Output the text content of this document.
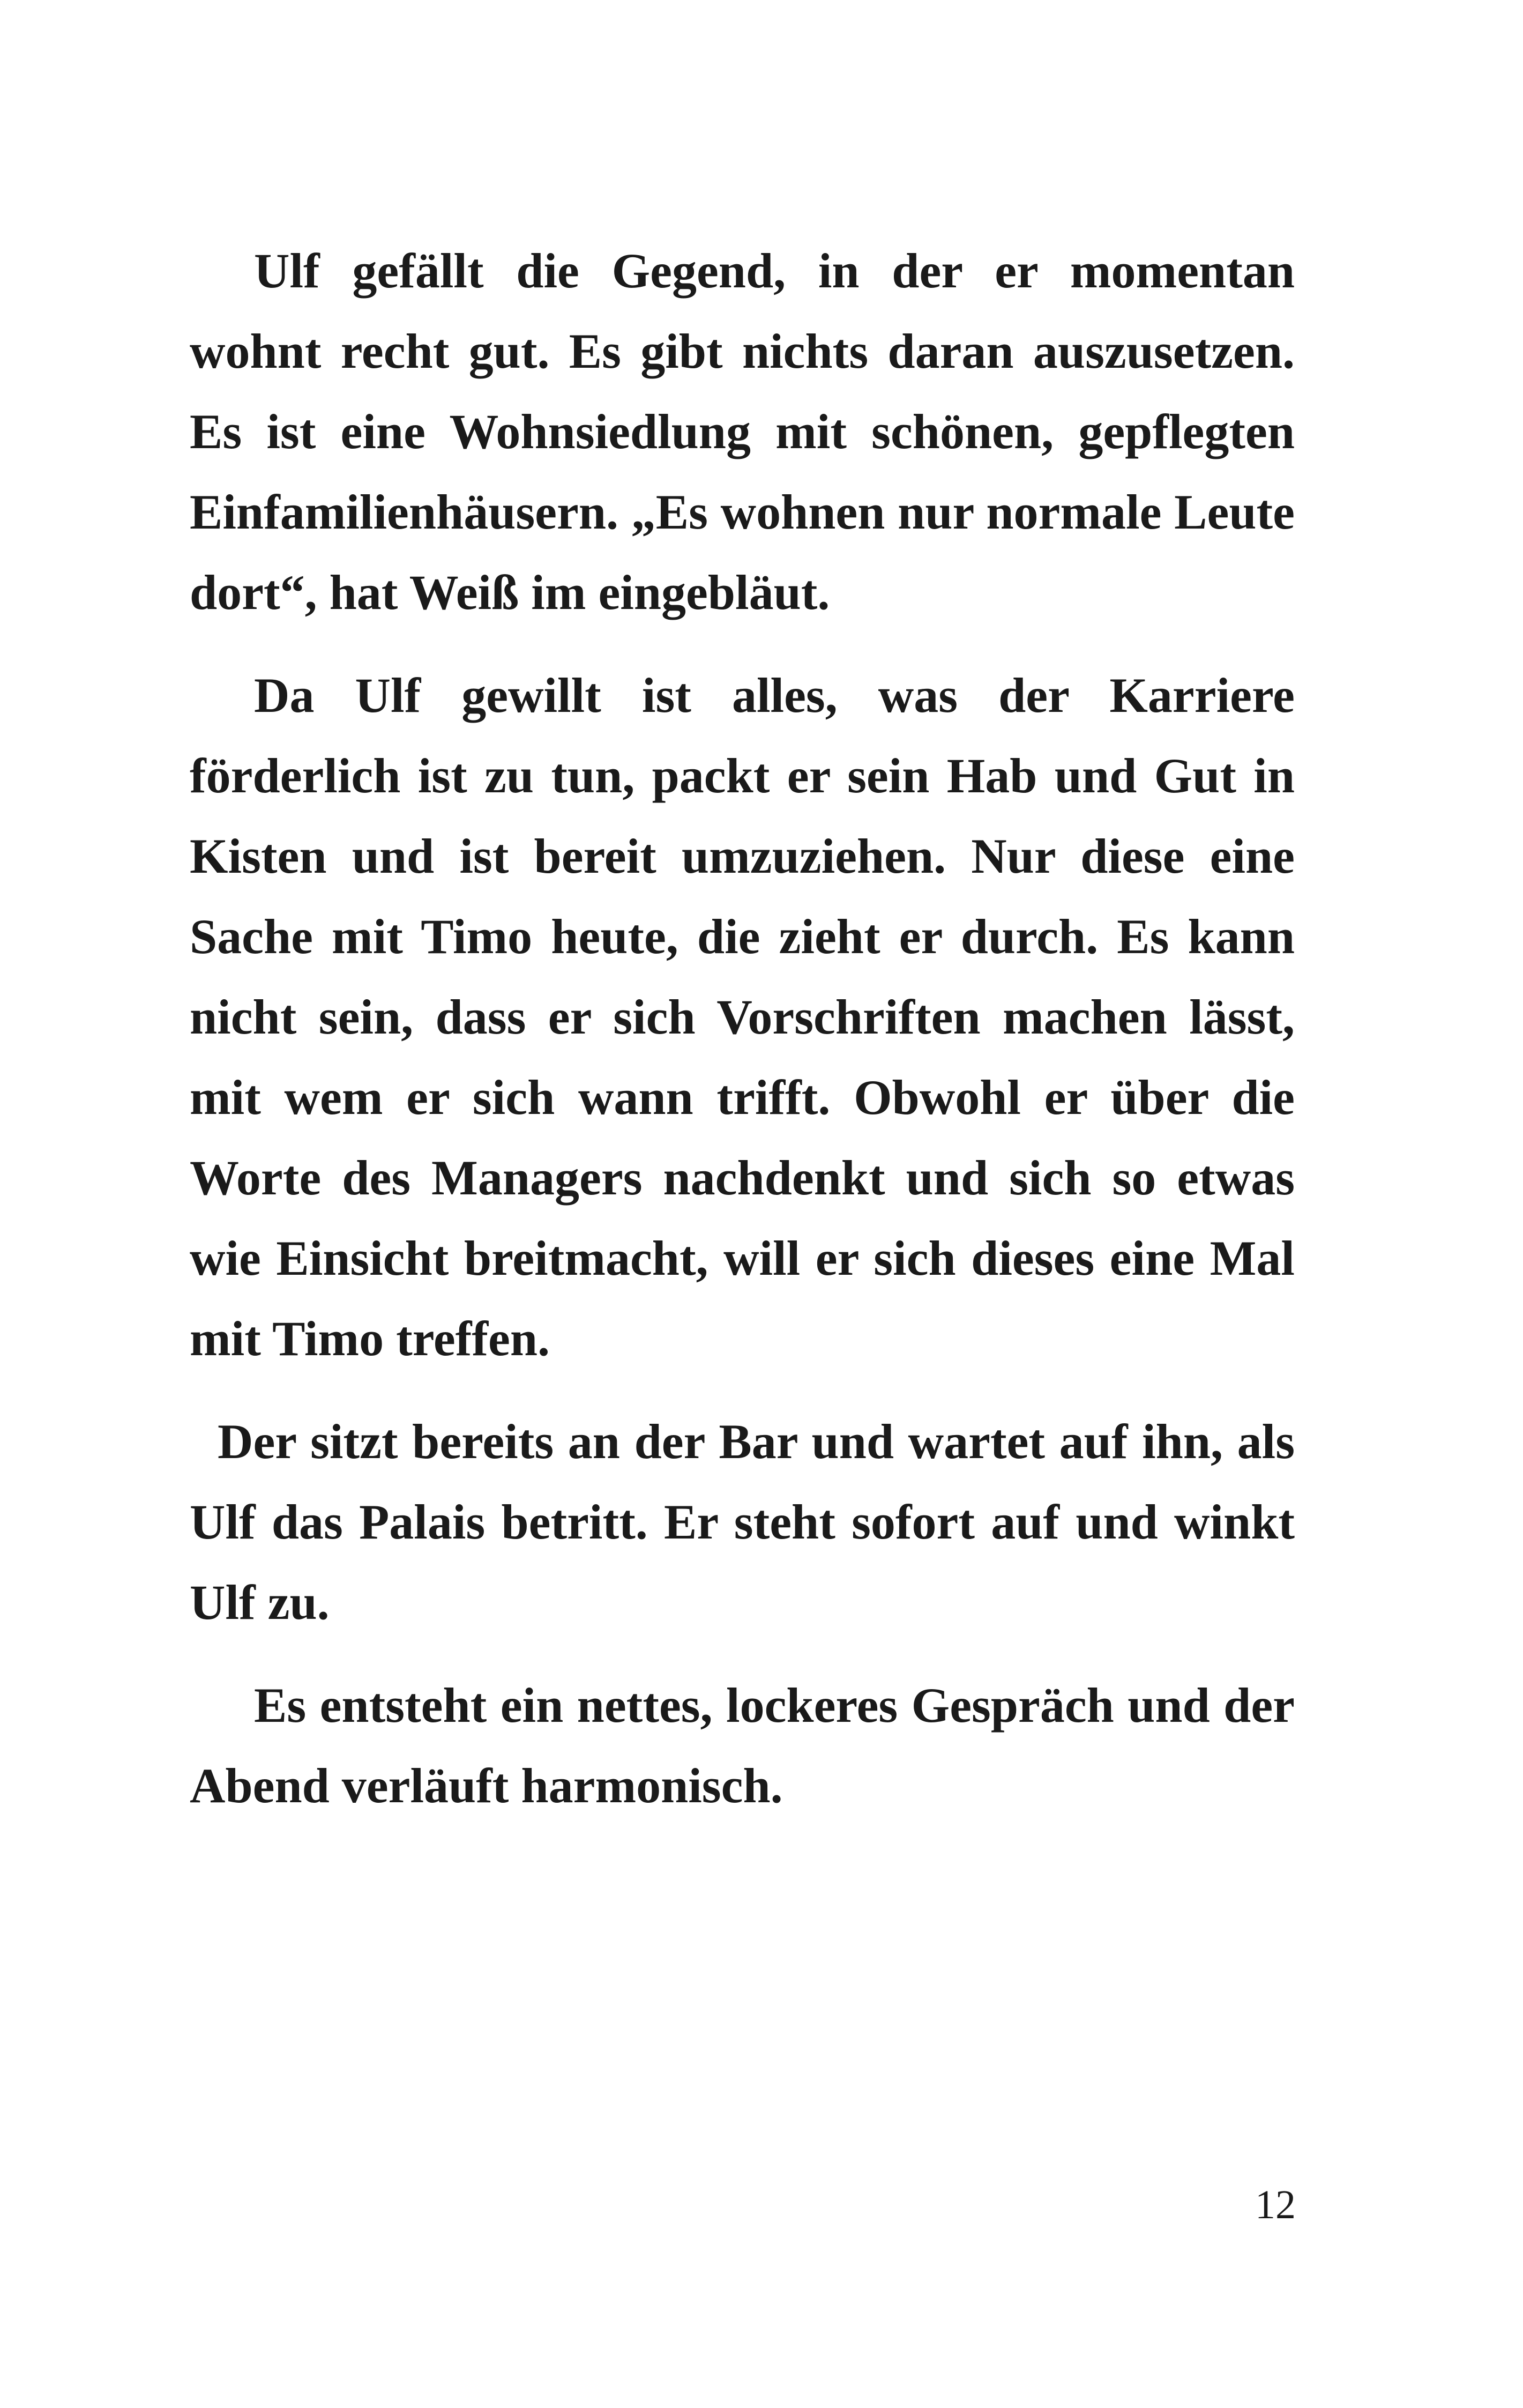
Ulf gefällt die Gegend, in der er momentan wohnt recht gut. Es gibt nichts daran auszusetzen. Es ist eine Wohnsiedlung mit schönen, gepflegten Einfamilienhäusern. „Es wohnen nur normale Leute dort“, hat Weiß im eingebläut.

Da Ulf gewillt ist alles, was der Karriere förderlich ist zu tun, packt er sein Hab und Gut in Kisten und ist bereit umzuziehen. Nur diese eine Sache mit Timo heute, die zieht er durch. Es kann nicht sein, dass er sich Vorschriften machen lässt, mit wem er sich wann trifft. Obwohl er über die Worte des Managers nachdenkt und sich so etwas wie Einsicht breitmacht, will er sich dieses eine Mal mit Timo treffen.

Der sitzt bereits an der Bar und wartet auf ihn, als Ulf das Palais betritt. Er steht sofort auf und winkt Ulf zu.

Es entsteht ein nettes, lockeres Gespräch und der Abend verläuft harmonisch.

12
